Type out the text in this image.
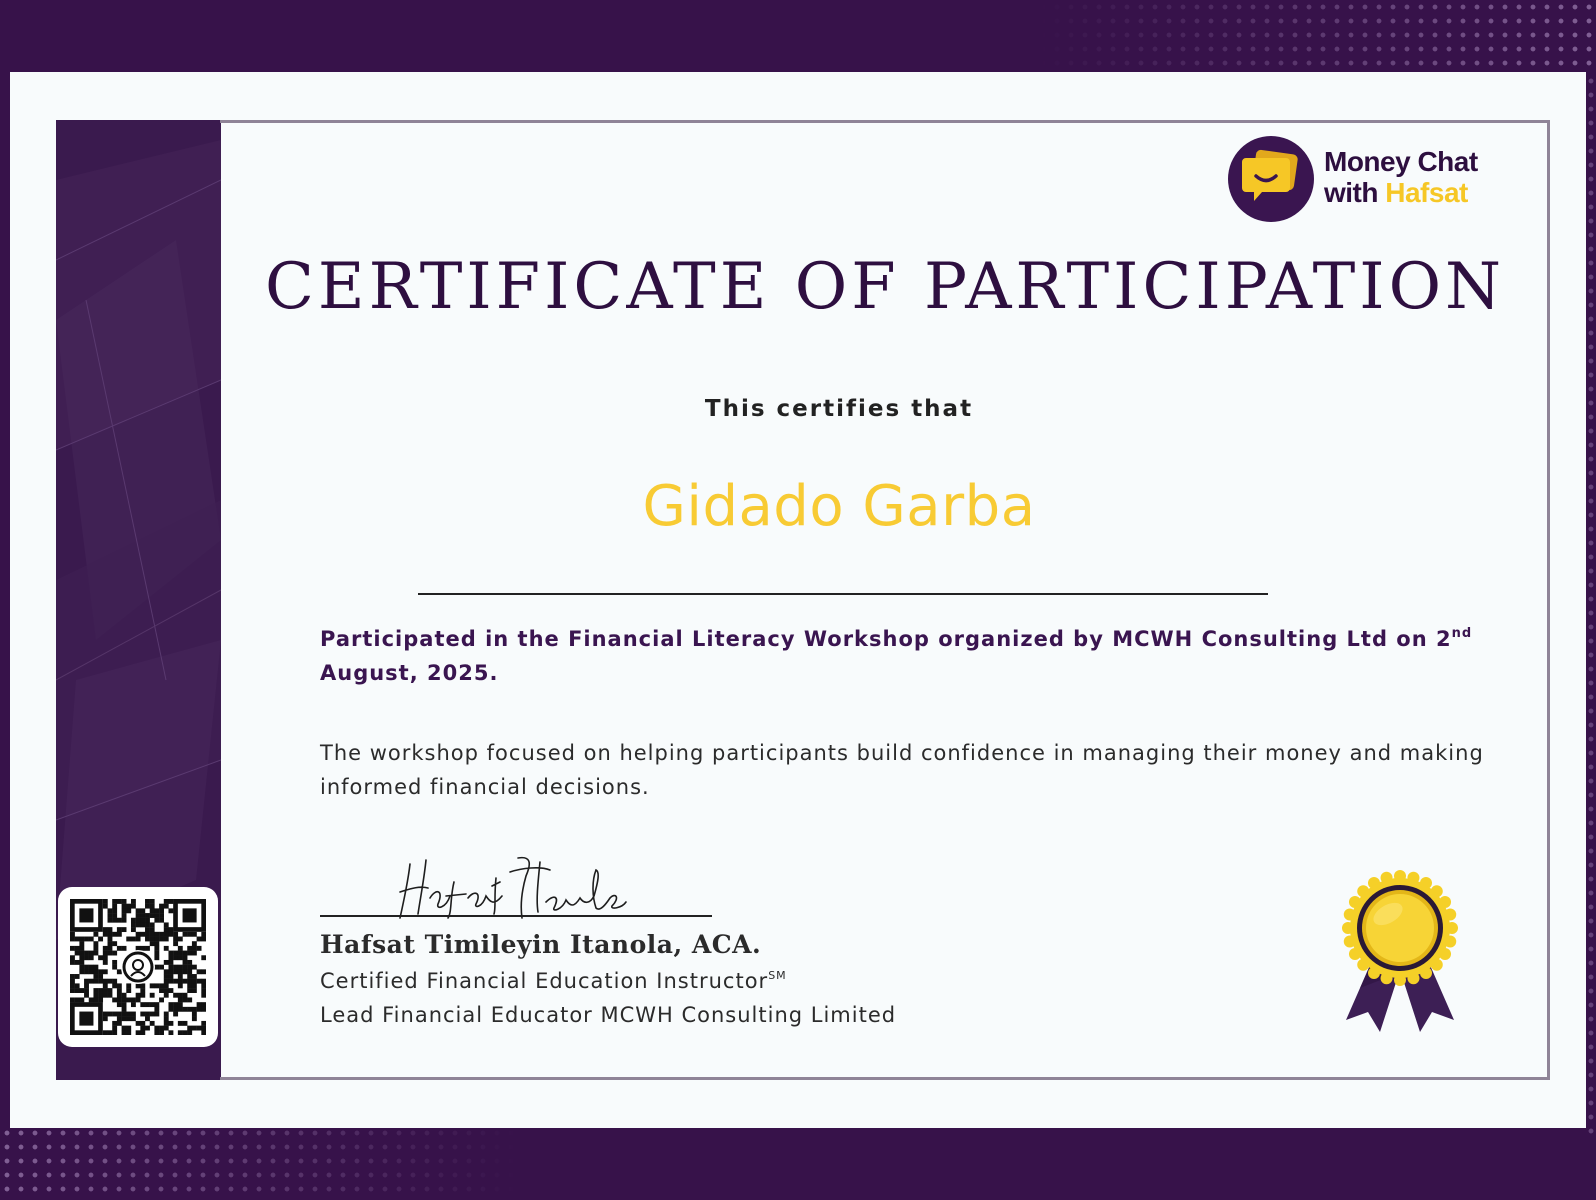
Money Chat
with Hafsat
CERTIFICATE OF PARTICIPATION
This certifies that
Gidado Garba
Participated in the Financial Literacy Workshop organized by MCWH Consulting Ltd on 2nd August, 2025.
The workshop focused on helping participants build confidence in managing their money and making informed financial decisions.
Hafsat Timileyin Itanola, ACA.
Certified Financial Education Instructor℠
Lead Financial Educator MCWH Consulting Limited
